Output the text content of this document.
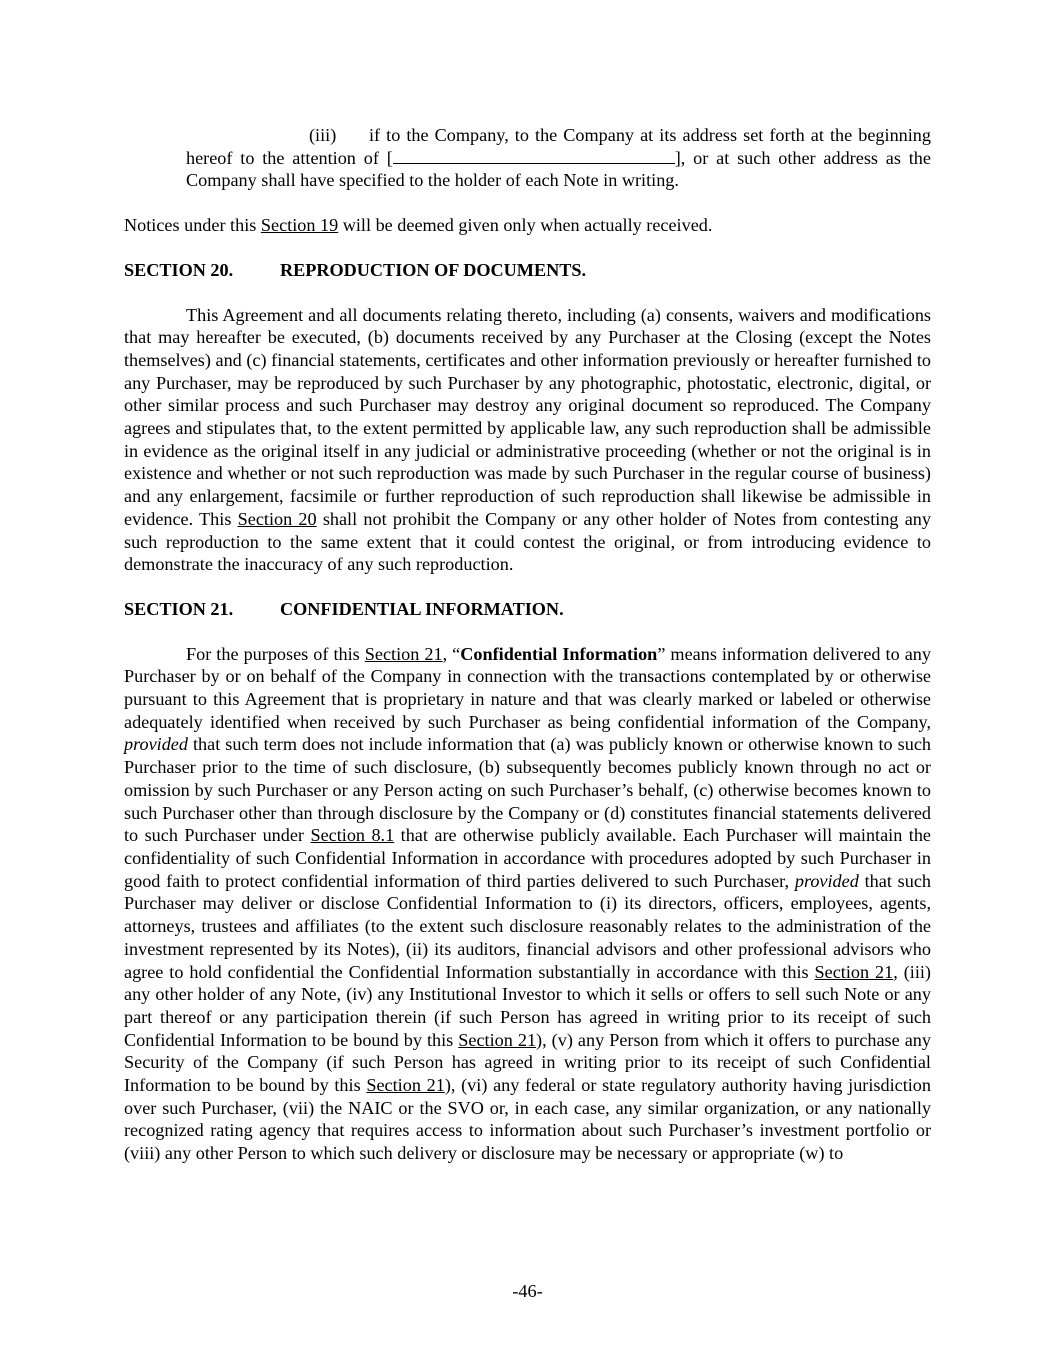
(iii) if to the Company, to the Company at its address set forth at the beginning hereof to the attention of [	], or at such other address as the Company shall have specified to the holder of each Note in writing.

Notices under this Section 19 will be deemed given only when actually received.

SECTION 20.	REPRODUCTION OF DOCUMENTS.

This Agreement and all documents relating thereto, including (a) consents, waivers and modifications that may hereafter be executed, (b) documents received by any Purchaser at the Closing (except the Notes themselves) and (c) financial statements, certificates and other information previously or hereafter furnished to any Purchaser, may be reproduced by such Purchaser by any photographic, photostatic, electronic, digital, or other similar process and such Purchaser may destroy any original document so reproduced. The Company agrees and stipulates that, to the extent permitted by applicable law, any such reproduction shall be admissible in evidence as the original itself in any judicial or administrative proceeding (whether or not the original is in existence and whether or not such reproduction was made by such Purchaser in the regular course of business) and any enlargement, facsimile or further reproduction of such reproduction shall likewise be admissible in evidence. This Section 20 shall not prohibit the Company or any other holder of Notes from contesting any such reproduction to the same extent that it could contest the original, or from introducing evidence to demonstrate the inaccuracy of any such reproduction.

SECTION 21.	CONFIDENTIAL INFORMATION.

For the purposes of this Section 21, “Confidential Information” means information delivered to any Purchaser by or on behalf of the Company in connection with the transactions contemplated by or otherwise pursuant to this Agreement that is proprietary in nature and that was clearly marked or labeled or otherwise adequately identified when received by such Purchaser as being confidential information of the Company, provided that such term does not include information that (a) was publicly known or otherwise known to such Purchaser prior to the time of such disclosure, (b) subsequently becomes publicly known through no act or omission by such Purchaser or any Person acting on such Purchaser’s behalf, (c) otherwise becomes known to such Purchaser other than through disclosure by the Company or (d) constitutes financial statements delivered to such Purchaser under Section 8.1 that are otherwise publicly available. Each Purchaser will maintain the confidentiality of such Confidential Information in accordance with procedures adopted by such Purchaser in good faith to protect confidential information of third parties delivered to such Purchaser, provided that such Purchaser may deliver or disclose Confidential Information to (i) its directors, officers, employees, agents, attorneys, trustees and affiliates (to the extent such disclosure reasonably relates to the administration of the investment represented by its Notes), (ii) its auditors, financial advisors and other professional advisors who agree to hold confidential the Confidential Information substantially in accordance with this Section 21, (iii) any other holder of any Note, (iv) any Institutional Investor to which it sells or offers to sell such Note or any part thereof or any participation therein (if such Person has agreed in writing prior to its receipt of such Confidential Information to be bound by this Section 21), (v) any Person from which it offers to purchase any Security of the Company (if such Person has agreed in writing prior to its receipt of such Confidential Information to be bound by this Section 21), (vi) any federal or state regulatory authority having jurisdiction over such Purchaser, (vii) the NAIC or the SVO or, in each case, any similar organization, or any nationally recognized rating agency that requires access to information about such Purchaser’s investment portfolio or (viii) any other Person to which such delivery or disclosure may be necessary or appropriate (w) to

-46-
